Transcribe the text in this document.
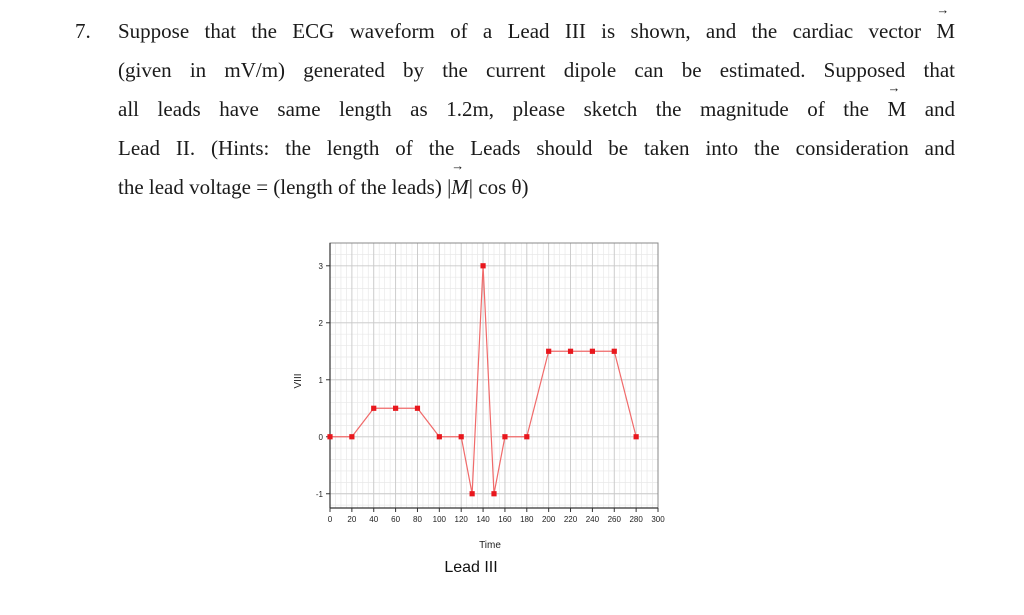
7. Suppose that the ECG waveform of a Lead III is shown, and the cardiac vector
→
M
(given in mV/m) generated by the current dipole can be estimated. Supposed that
all leads have same length as 1.2m, please sketch the magnitude of the
→
M and
Lead II. (Hints: the length of the Leads should be taken into the consideration and
the lead voltage = (length of the leads) |
→
M| cos θ)
0 20 40 60 80 100 120 140 160 180 200 220 240 260 280 300
-1
0
1
2
3
Time
VIII
Lead III
